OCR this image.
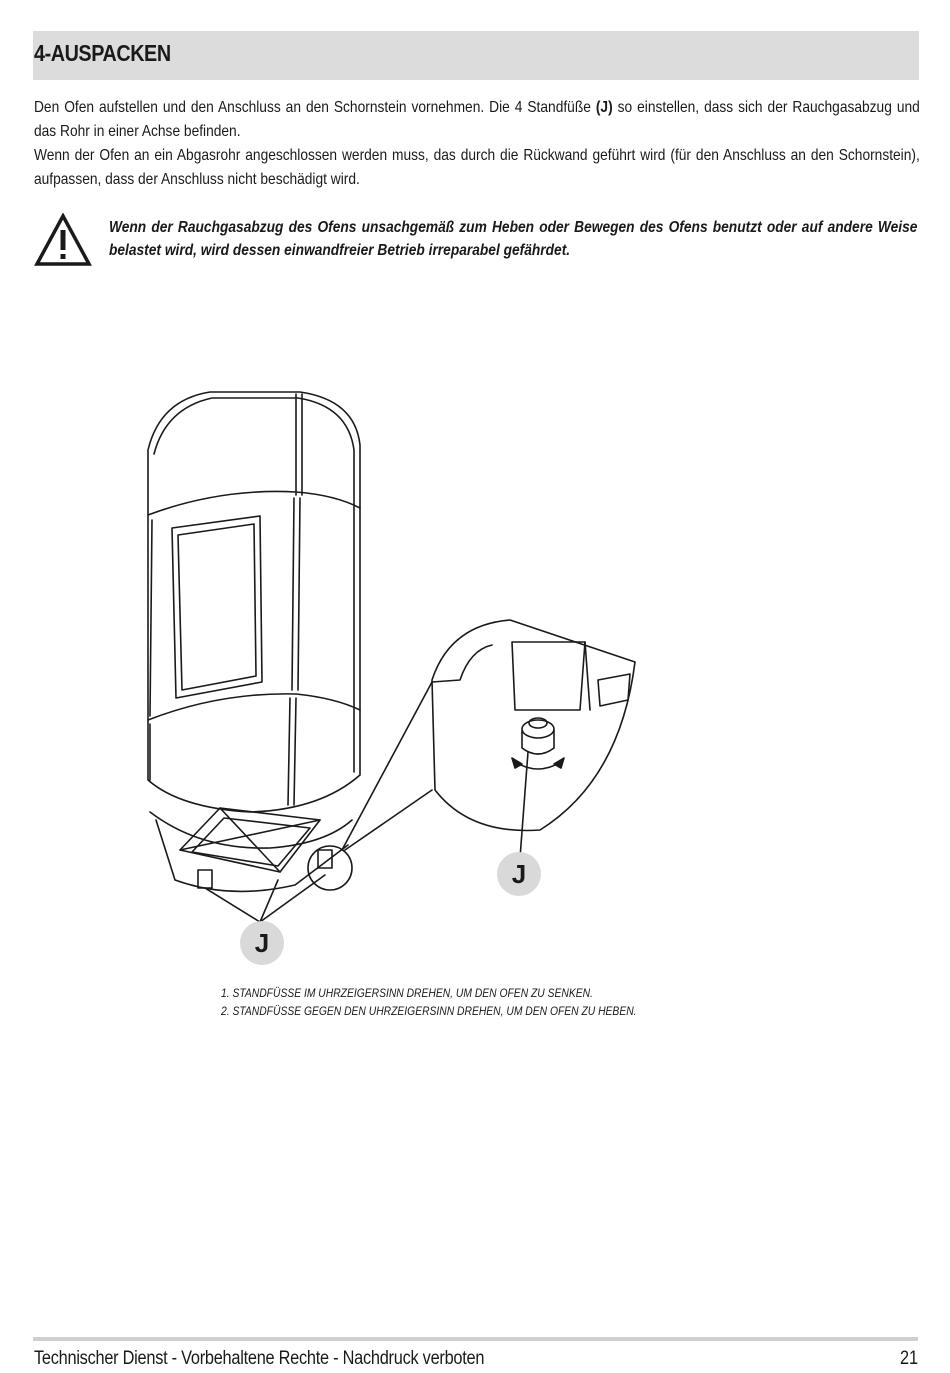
4-AUSPACKEN

Den Ofen aufstellen und den Anschluss an den Schornstein vornehmen. Die 4 Standfüße (J) so einstellen, dass sich der Rauchgasabzug und das Rohr in einer Achse befinden.

Wenn der Ofen an ein Abgasrohr angeschlossen werden muss, das durch die Rückwand geführt wird (für den Anschluss an den Schornstein), aufpassen, dass der Anschluss nicht beschädigt wird.

Wenn der Rauchgasabzug des Ofens unsachgemäß zum Heben oder Bewegen des Ofens benutzt oder auf andere Weise belastet wird, wird dessen einwandfreier Betrieb irreparabel gefährdet.

J
J
1. STANDFÜSSE IM UHRZEIGERSINN DREHEN, UM DEN OFEN ZU SENKEN.
2. STANDFÜSSE GEGEN DEN UHRZEIGERSINN DREHEN, UM DEN OFEN ZU HEBEN.
Technischer Dienst - Vorbehaltene Rechte - Nachdruck verboten	21
